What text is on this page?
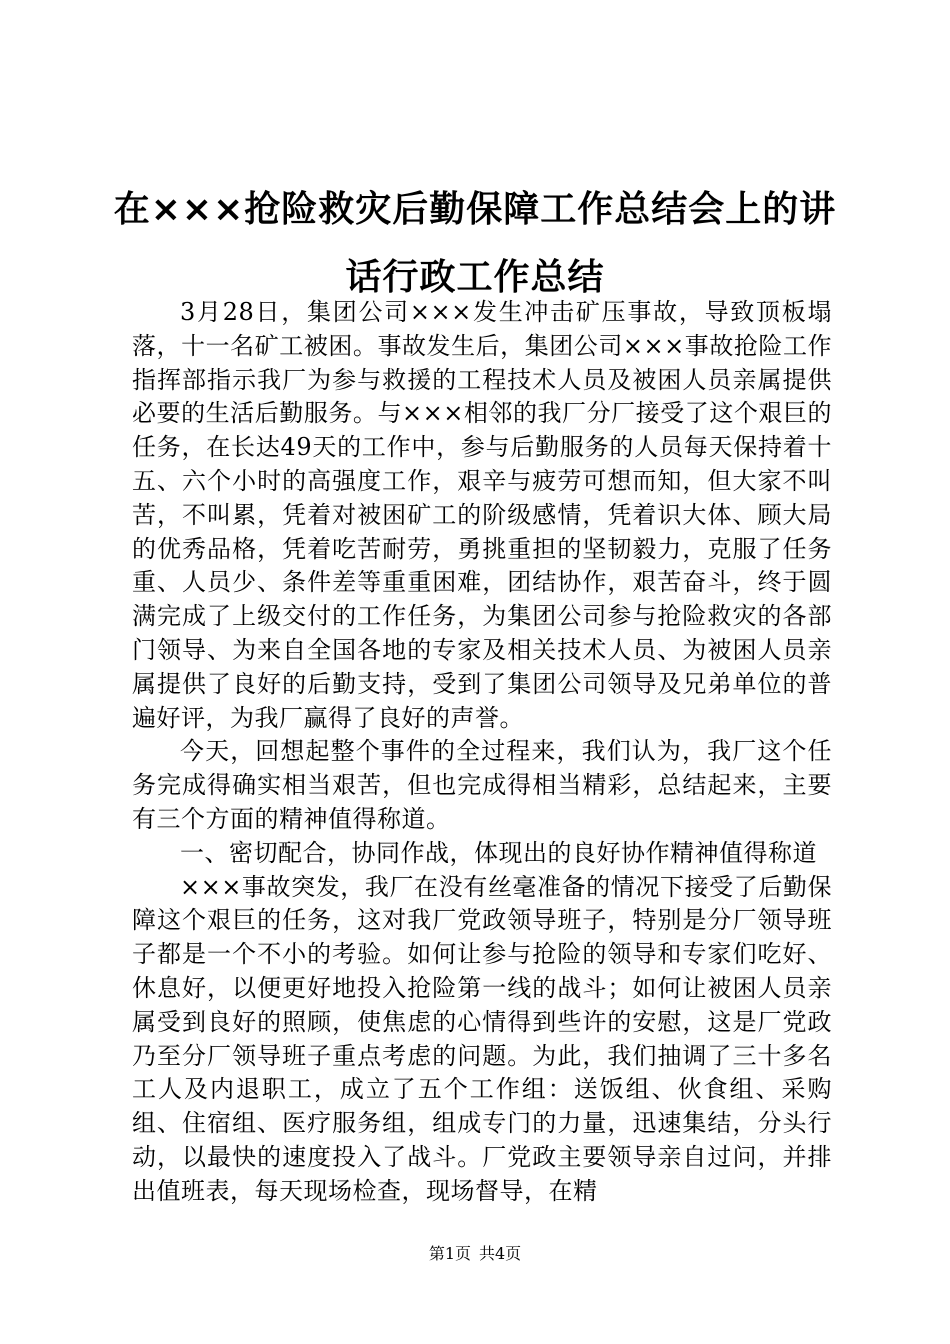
在×××抢险救灾后勤保障工作总结会上的讲
话行政工作总结

3月28日，集团公司×××发生冲击矿压事故，导致顶板塌落，十一名矿工被困。事故发生后，集团公司×××事故抢险工作指挥部指示我厂为参与救援的工程技术人员及被困人员亲属提供必要的生活后勤服务。与×××相邻的我厂分厂接受了这个艰巨的任务，在长达49天的工作中，参与后勤服务的人员每天保持着十五、六个小时的高强度工作，艰辛与疲劳可想而知，但大家不叫苦，不叫累，凭着对被困矿工的阶级感情，凭着识大体、顾大局的优秀品格，凭着吃苦耐劳，勇挑重担的坚韧毅力，克服了任务重、人员少、条件差等重重困难，团结协作，艰苦奋斗，终于圆满完成了上级交付的工作任务，为集团公司参与抢险救灾的各部门领导、为来自全国各地的专家及相关技术人员、为被困人员亲属提供了良好的后勤支持，受到了集团公司领导及兄弟单位的普遍好评，为我厂赢得了良好的声誉。

今天，回想起整个事件的全过程来，我们认为，我厂这个任务完成得确实相当艰苦，但也完成得相当精彩，总结起来，主要有三个方面的精神值得称道。

一、密切配合，协同作战，体现出的良好协作精神值得称道

×××事故突发，我厂在没有丝毫准备的情况下接受了后勤保障这个艰巨的任务，这对我厂党政领导班子，特别是分厂领导班子都是一个不小的考验。如何让参与抢险的领导和专家们吃好、休息好，以便更好地投入抢险第一线的战斗；如何让被困人员亲属受到良好的照顾，使焦虑的心情得到些许的安慰，这是厂党政乃至分厂领导班子重点考虑的问题。为此，我们抽调了三十多名工人及内退职工，成立了五个工作组：送饭组、伙食组、采购组、住宿组、医疗服务组，组成专门的力量，迅速集结，分头行动，以最快的速度投入了战斗。厂党政主要领导亲自过问，并排出值班表，每天现场检查，现场督导，在精

第1页 共4页
